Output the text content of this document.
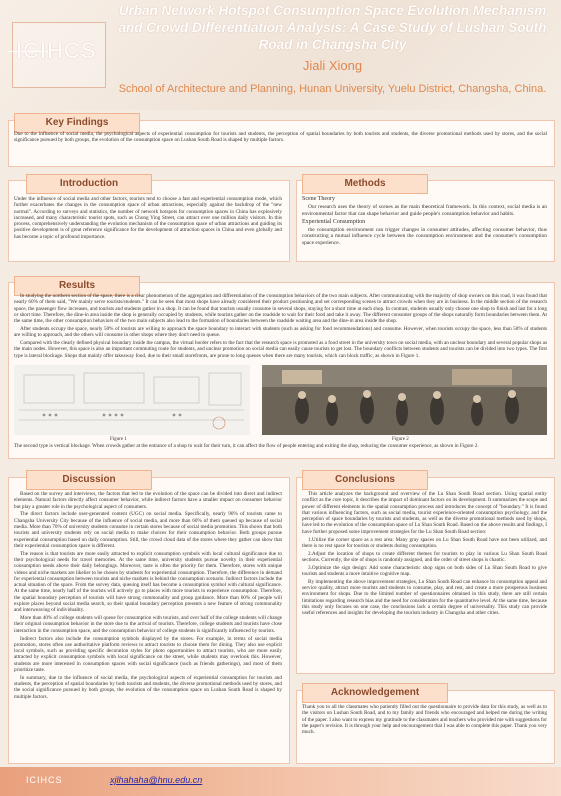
ICIHCS
Urban Network Hotspot Consumption Space Evolution Mechanism and Crowd Differentiation Analysis: A Case Study of Lushan South Road in Changsha City
Jiali Xiong
School of Architecture and Planning, Hunan University, Yuelu District, Changsha, China.
Key Findings
Due to the influence of social media, the psychological aspects of experiential consumption for tourists and students, the perception of spatial boundaries by both tourists and students, the diverse promotional methods used by stores, and the social significance pursued by both groups, the evolution of the consumption space on Lushan South Road is shaped by multiple factors.
Introduction
Under the influence of social media and other factors, tourists tend to choose a fast and experiential consumption mode, which further exacerbates the changes in the consumption space of urban attractions, especially against the backdrop of the "new normal". According to surveys and statistics, the number of network hotspots for consumption spaces in China has explosively increased, and many characteristic tourist spots, such as Chong Ying Street, can attract over one million daily visitors. In this process, comprehensively understanding the evolution mechanism of the consumption space of urban attractions and guiding its positive development is of great reference significance for the development of attraction spaces in China and even globally and has become a topic of profound importance.
Methods

Scene Theory

Our research uses the theory of scenes as the main theoretical framework. In this context, social media is an environmental factor that can shape behavior and guide people's consumption behavior and habits.

Experiential Consumption

the consumption environment can trigger changes in consumer attitudes, affecting consumer behavior, thus constructing a mutual influence cycle between the consumption environment and the consumer's consumption space experience.

Results

In studying the northern section of the space, there is a clear phenomenon of the aggregation and differentiation of the consumption behaviors of the two main subjects. After communicating with the majority of shop owners on this road, it was found that nearly 60% of them said, "We mainly serve tourists/students." It can be seen that most shops have already considered their product positioning and set corresponding scenes to attract crowds when they are in business. In the middle section of the research space, the passenger flow increases, and tourists and students gather in a shop. It can be found that tourists usually consume in several shops, staying for a short time at each shop. In contrast, students usually only choose one shop to finish and last for a long or short time. Therefore, the dine-in area inside the shop is generally occupied by students, while tourists gather on the roadside to wait for their food and take it away. The different consumer groups of the shops naturally form boundaries between them. At the same time, the other consumption behaviors of the two main subjects also lead to the formation of boundaries between the roadside waiting area and the dine-in area inside the shop.

After students occupy the space, nearly 50% of tourists are willing to approach the space boundary to interact with students (such as asking for food recommendations) and consume. However, when tourists occupy the space, less than 50% of students are willing to approach, and the others will consume in other shops where they don't need to queue.

Compared with the clearly defined physical boundary inside the campus, the virtual border refers to the fact that the research space is promoted as a food street in the university town on social media, with an unclear boundary and several popular shops as the main nodes. However, this space is also an important commuting route for students, and unclear promotion on social media can easily cause tourists to get lost. The boundary conflicts between students and tourists can be divided into two types. The first type is lateral blockage. Shops that mainly offer takeaway food, due to their small storefronts, are prone to long queues when there are many tourists, which can block traffic, as shown in Figure 1.

Figure 1	Figure 2
The second type is vertical blockage. When crowds gather at the entrance of a shop to wait for their turn, it can affect the flow of people entering and exiting the shop, reducing the consumer experience, as shown in Figure 2.
Discussion

Based on the survey and interviews, the factors that led to the evolution of the space can be divided into direct and indirect elements. Natural factors directly affect consumer behavior, while indirect factors have a smaller impact on consumer behavior but play a greater role in the psychological aspect of consumers.

The direct factors include user-generated content (UGC) on social media. Specifically, nearly 90% of tourists came to Changsha University City because of the influence of social media, and more than 60% of them queued up because of social media. More than 70% of university students consume in certain stores because of social media promotion. This shows that both tourists and university students rely on social media to make choices for their consumption behavior. Both groups pursue experiential consumption based on daily consumption. Still, the crowd cloud data of the stores where they gather can show that their experiential consumption space is different.

The reason is that tourists are more easily attracted to explicit consumption symbols with local cultural significance due to their psychological needs for travel memories. At the same time, university students pursue novelty in their experiential consumption needs above their daily belongings. Moreover, taste is often the priority for them. Therefore, stores with unique videos and niche markets are likelier to be chosen by students for experiential consumption. Therefore, the difference in demand for experiential consumption between tourists and niche markets is behind the consumption scenario. Indirect factors include the actual situation of the space. From the survey data, queuing itself has become a consumption symbol with cultural significance. At the same time, nearly half of the tourists will actively go to places with more tourists to experience consumption. Therefore, the spatial boundary perception of tourists will have strong commonality and group guidance. More than 60% of people will explore places beyond social media search, so their spatial boundary perception presents a new feature of strong commonality and interweaving of individuality.

More than 40% of college students will queue for consumption with tourists, and over half of the college students will change their original consumption behavior in the store due to the arrival of tourists. Therefore, college students and tourists have close interaction in the consumption space, and the consumption behavior of college students is significantly influenced by tourists.

Indirect factors also include the consumption symbols displayed by the stores. For example, in terms of social media promotion, stores often use authoritative platform reviews to attract tourists to choose them for dining. They also use explicit local symbols, such as providing specific decoration styles for photo opportunities to attract tourists, who are more easily attracted by explicit consumption symbols with local significance on the street, while students may overlook this. However, students are more interested in consumption spaces with social significance (such as friends gatherings), and most of them prioritize taste.

In summary, due to the influence of social media, the psychological aspects of experiential consumption for tourists and students, the perception of spatial boundaries by both tourists and students, the diverse promotional methods used by stores, and the social significance pursued by both groups, the evolution of the consumption space on Lushan South Road is shaped by multiple factors.

Conclusions

This article analyzes the background and overview of the Lu Shan South Road section. Using spatial entity conflict as the core topic, it describes the impact of dominant factors on its development. It summarizes the scope and power of different elements in the spatial consumption process and introduces the concept of "boundary." It is found that various influencing factors, such as social media, tourist experience-oriented consumption psychology, and the perception of space boundaries by tourists and students, as well as the diverse promotional methods used by shops, have led to the evolution of the consumption space of Lu Shan South Road. Based on the above results and findings, I have further proposed some improvement strategies for the Lu Shan South Road section:

1.Utilize the corner space as a rest area: Many gray spaces on Lu Shan South Road have not been utilized, and there is no rest space for tourists or students during consumption.

2.Adjust the location of shops to create different themes for tourists to play in various Lu Shan South Road sections. Currently, the site of shops is randomly assigned, and the order of street shops is chaotic.

3.Optimize the sign design: Add some characteristic shop signs on both sides of Lu Shan South Road to give tourists and students a more intuitive cognitive map.

By implementing the above improvement strategies, Lu Shan South Road can enhance its consumption appeal and service quality, attract more tourists and students to consume, play, and rest, and create a more prosperous business environment for shops. Due to the limited number of questionnaires obtained in this study, there are still certain limitations regarding research bias and the need for consideration for the quantitative level. At the same time, because this study only focuses on one case, the conclusions lack a certain degree of universality. This study can provide useful references and insights for developing the tourism industry in Changsha and other cities.

Acknowledgement
Thank you to all the classmates who patiently filled out the questionnaire to provide data for this study, as well as to the visitors on Lushan South Road, and to my family and friends who encouraged and helped me during the writing of the paper. I also want to express my gratitude to the classmates and teachers who provided me with suggestions for the paper's revision. It is through your help and encouragement that I was able to complete this paper. Thank you very much.
ICIHCS	xjlhahaha@hnu.edu.cn
